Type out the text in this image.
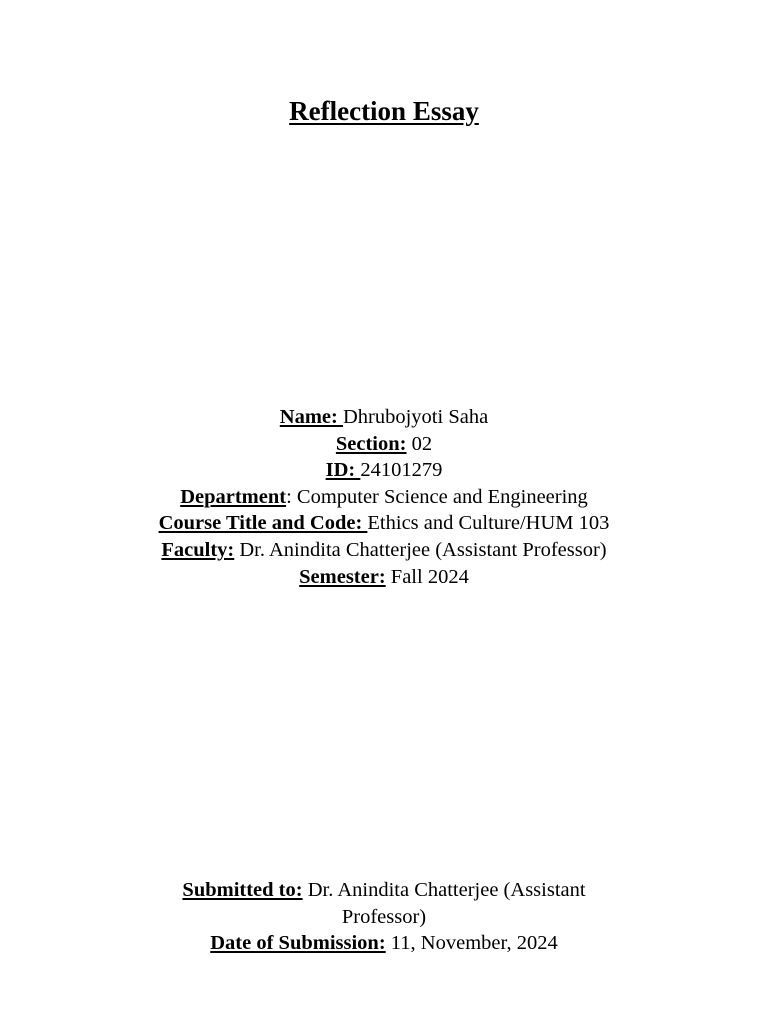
Reflection Essay
Name: Dhrubojyoti Saha
Section: 02
ID: 24101279
Department: Computer Science and Engineering
Course Title and Code: Ethics and Culture/HUM 103
Faculty: Dr. Anindita Chatterjee (Assistant Professor)
Semester: Fall 2024
Submitted to: Dr. Anindita Chatterjee (Assistant Professor)
Date of Submission: 11, November, 2024
